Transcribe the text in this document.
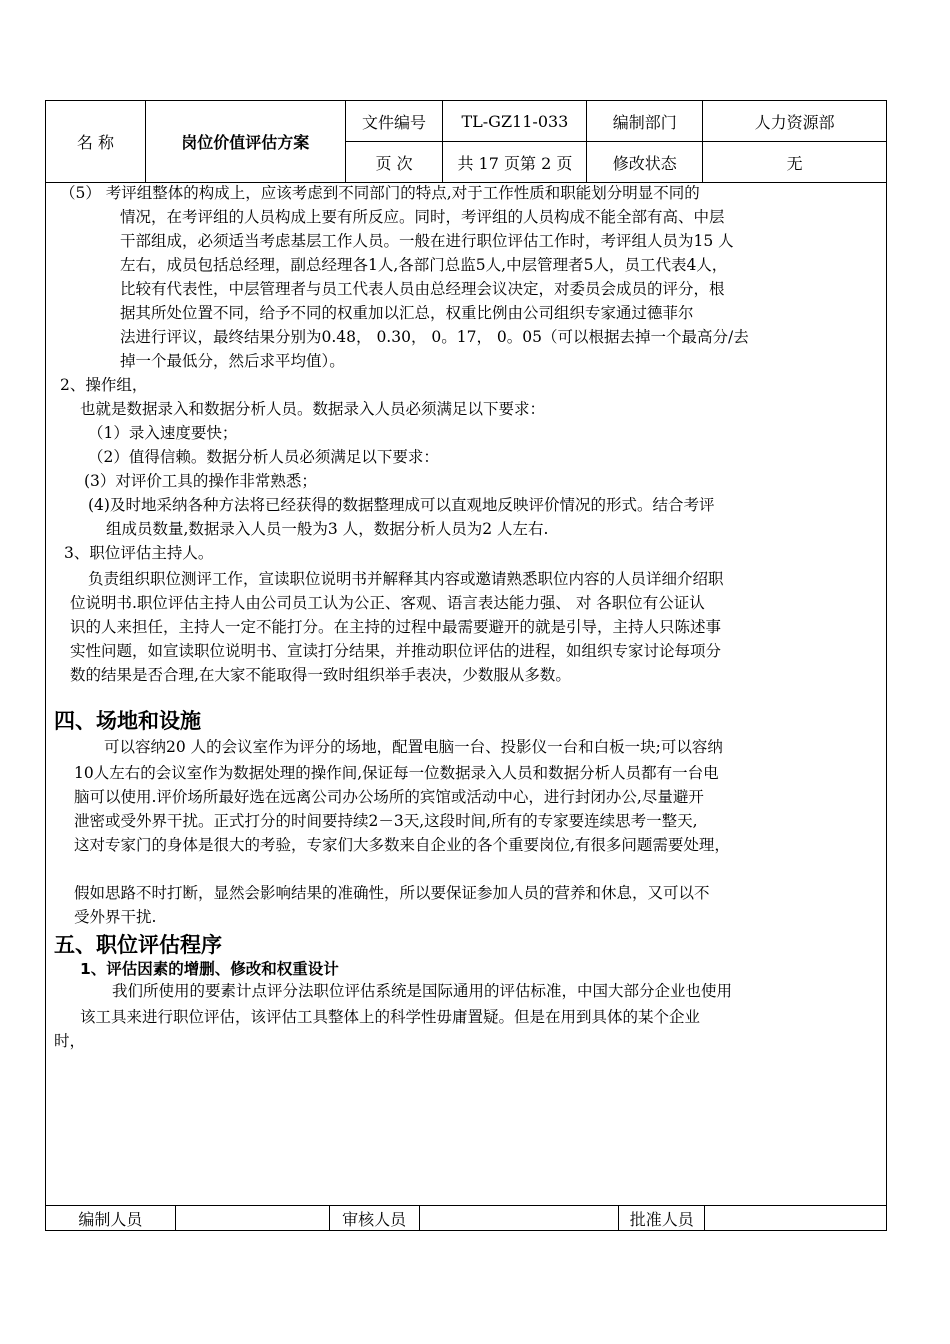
名 称	岗位价值评估方案	文件编号	TL-GZ11-033	编制部门	人力资源部
		页 次	共 17 页第 2 页	修改状态	无
（5） 考评组整体的构成上，应该考虑到不同部门的特点,对于工作性质和职能划分明显不同的
情况，在考评组的人员构成上要有所反应。同时，考评组的人员构成不能全部有高、中层
干部组成，必须适当考虑基层工作人员。一般在进行职位评估工作时，考评组人员为15 人
左右，成员包括总经理，副总经理各1人,各部门总监5人,中层管理者5人，员工代表4人，
比较有代表性，中层管理者与员工代表人员由总经理会议决定，对委员会成员的评分，根
据其所处位置不同，给予不同的权重加以汇总，权重比例由公司组织专家通过德菲尔
法进行评议，最终结果分别为0.48， 0.30， 0。17， 0。05（可以根据去掉一个最高分/去
掉一个最低分，然后求平均值）。
2、操作组，
也就是数据录入和数据分析人员。数据录入人员必须满足以下要求：
（1）录入速度要快；
（2）值得信赖。数据分析人员必须满足以下要求：
(3）对评价工具的操作非常熟悉；
(4)及时地采纳各种方法将已经获得的数据整理成可以直观地反映评价情况的形式。结合考评
组成员数量,数据录入人员一般为3 人，数据分析人员为2 人左右.
3、职位评估主持人。
负责组织职位测评工作，宣读职位说明书并解释其内容或邀请熟悉职位内容的人员详细介绍职
位说明书.职位评估主持人由公司员工认为公正、客观、语言表达能力强、 对 各职位有公证认
识的人来担任，主持人一定不能打分。在主持的过程中最需要避开的就是引导，主持人只陈述事
实性问题，如宣读职位说明书、宣读打分结果，并推动职位评估的进程，如组织专家讨论每项分
数的结果是否合理,在大家不能取得一致时组织举手表决，少数服从多数。
四、场地和设施
可以容纳20 人的会议室作为评分的场地，配置电脑一台、投影仪一台和白板一块;可以容纳
10人左右的会议室作为数据处理的操作间,保证每一位数据录入人员和数据分析人员都有一台电
脑可以使用.评价场所最好选在远离公司办公场所的宾馆或活动中心，进行封闭办公,尽量避开
泄密或受外界干扰。正式打分的时间要持续2－3天,这段时间,所有的专家要连续思考一整天,
这对专家门的身体是很大的考验，专家们大多数来自企业的各个重要岗位,有很多问题需要处理，
假如思路不时打断，显然会影响结果的准确性，所以要保证参加人员的营养和休息，又可以不
受外界干扰.
五、职位评估程序
1、评估因素的增删、修改和权重设计
我们所使用的要素计点评分法职位评估系统是国际通用的评估标准，中国大部分企业也使用
该工具来进行职位评估，该评估工具整体上的科学性毋庸置疑。但是在用到具体的某个企业
时，
编制人员		审核人员		批准人员	
